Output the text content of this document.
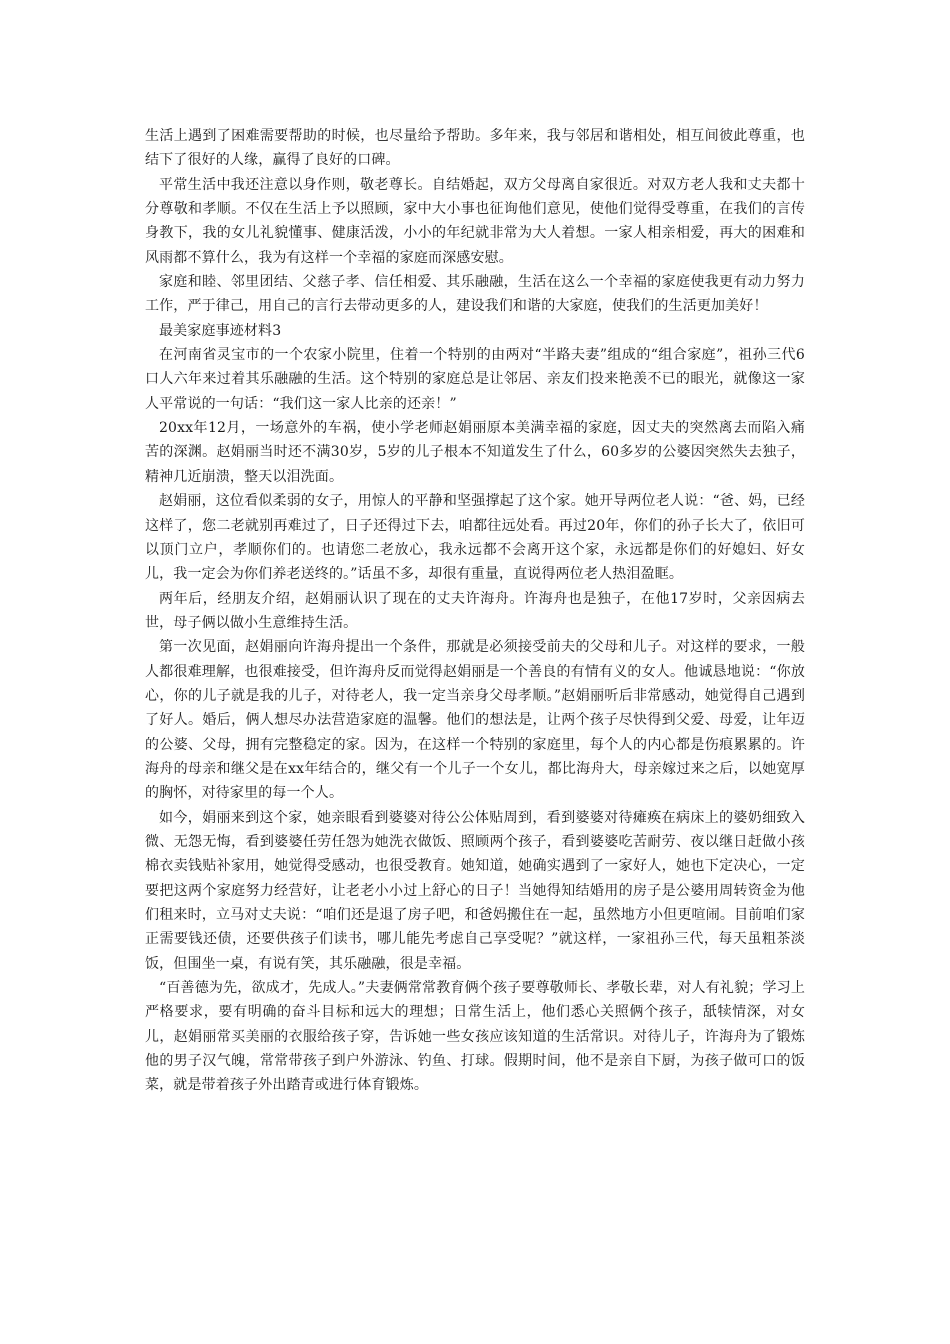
生活上遇到了困难需要帮助的时候，也尽量给予帮助。多年来，我与邻居和谐相处，相互间彼此尊重，也结下了很好的人缘，赢得了良好的口碑。

平常生活中我还注意以身作则，敬老尊长。自结婚起，双方父母离自家很近。对双方老人我和丈夫都十分尊敬和孝顺。不仅在生活上予以照顾，家中大小事也征询他们意见，使他们觉得受尊重，在我们的言传身教下，我的女儿礼貌懂事、健康活泼，小小的年纪就非常为大人着想。一家人相亲相爱，再大的困难和风雨都不算什么，我为有这样一个幸福的家庭而深感安慰。

家庭和睦、邻里团结、父慈子孝、信任相爱、其乐融融，生活在这么一个幸福的家庭使我更有动力努力工作，严于律己，用自己的言行去带动更多的人，建设我们和谐的大家庭，使我们的生活更加美好！

最美家庭事迹材料3

在河南省灵宝市的一个农家小院里，住着一个特别的由两对“半路夫妻”组成的“组合家庭”，祖孙三代6口人六年来过着其乐融融的生活。这个特别的家庭总是让邻居、亲友们投来艳羡不已的眼光，就像这一家人平常说的一句话：“我们这一家人比亲的还亲！”

20xx年12月，一场意外的车祸，使小学老师赵娟丽原本美满幸福的家庭，因丈夫的突然离去而陷入痛苦的深渊。赵娟丽当时还不满30岁，5岁的儿子根本不知道发生了什么，60多岁的公婆因突然失去独子，精神几近崩溃，整天以泪洗面。

赵娟丽，这位看似柔弱的女子，用惊人的平静和坚强撑起了这个家。她开导两位老人说：“爸、妈，已经这样了，您二老就别再难过了，日子还得过下去，咱都往远处看。再过20年，你们的孙子长大了，依旧可以顶门立户，孝顺你们的。也请您二老放心，我永远都不会离开这个家，永远都是你们的好媳妇、好女儿，我一定会为你们养老送终的。”话虽不多，却很有重量，直说得两位老人热泪盈眶。

两年后，经朋友介绍，赵娟丽认识了现在的丈夫许海舟。许海舟也是独子，在他17岁时，父亲因病去世，母子俩以做小生意维持生活。

第一次见面，赵娟丽向许海舟提出一个条件，那就是必须接受前夫的父母和儿子。对这样的要求，一般人都很难理解，也很难接受，但许海舟反而觉得赵娟丽是一个善良的有情有义的女人。他诚恳地说：“你放心，你的儿子就是我的儿子，对待老人，我一定当亲身父母孝顺。”赵娟丽听后非常感动，她觉得自己遇到了好人。婚后，俩人想尽办法营造家庭的温馨。他们的想法是，让两个孩子尽快得到父爱、母爱，让年迈的公婆、父母，拥有完整稳定的家。因为，在这样一个特别的家庭里，每个人的内心都是伤痕累累的。许海舟的母亲和继父是在xx年结合的，继父有一个儿子一个女儿，都比海舟大，母亲嫁过来之后，以她宽厚的胸怀，对待家里的每一个人。

如今，娟丽来到这个家，她亲眼看到婆婆对待公公体贴周到，看到婆婆对待瘫痪在病床上的婆奶细致入微、无怨无悔，看到婆婆任劳任怨为她洗衣做饭、照顾两个孩子，看到婆婆吃苦耐劳、夜以继日赶做小孩棉衣卖钱贴补家用，她觉得受感动，也很受教育。她知道，她确实遇到了一家好人，她也下定决心，一定要把这两个家庭努力经营好，让老老小小过上舒心的日子！当她得知结婚用的房子是公婆用周转资金为他们租来时，立马对丈夫说：“咱们还是退了房子吧，和爸妈搬住在一起，虽然地方小但更喧闹。目前咱们家正需要钱还债，还要供孩子们读书，哪儿能先考虑自己享受呢？”就这样，一家祖孙三代，每天虽粗茶淡饭，但围坐一桌，有说有笑，其乐融融，很是幸福。

“百善德为先，欲成才，先成人。”夫妻俩常常教育俩个孩子要尊敬师长、孝敬长辈，对人有礼貌；学习上严格要求，要有明确的奋斗目标和远大的理想；日常生活上，他们悉心关照俩个孩子，舐犊情深，对女儿，赵娟丽常买美丽的衣服给孩子穿，告诉她一些女孩应该知道的生活常识。对待儿子，许海舟为了锻炼他的男子汉气魄，常常带孩子到户外游泳、钓鱼、打球。假期时间，他不是亲自下厨，为孩子做可口的饭菜，就是带着孩子外出踏青或进行体育锻炼。
